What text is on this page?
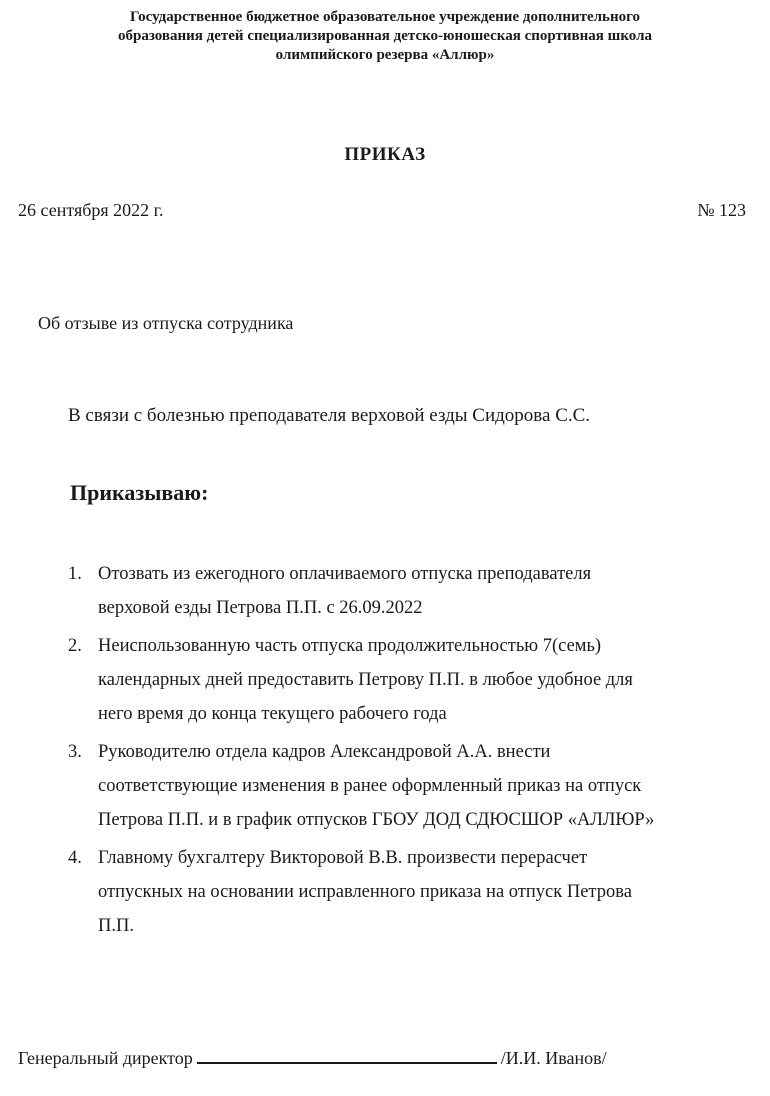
Государственное бюджетное образовательное учреждение дополнительного
образования детей специализированная детско-юношеская спортивная школа
олимпийского резерва «Аллюр»
ПРИКАЗ
26 сентября 2022 г.	№ 123
Об отзыве из отпуска сотрудника
В связи с болезнью преподавателя верховой езды Сидорова С.С.
Приказываю:
1. Отозвать из ежегодного оплачиваемого отпуска преподавателя
верховой езды Петрова П.П. с 26.09.2022
2. Неиспользованную часть отпуска продолжительностью 7(семь)
календарных дней предоставить Петрову П.П. в любое удобное для
него время до конца текущего рабочего года
3. Руководителю отдела кадров Александровой А.А. внести
соответствующие изменения в ранее оформленный приказ на отпуск
Петрова П.П. и в график отпусков ГБОУ ДОД СДЮСШОР «АЛЛЮР»
4. Главному бухгалтеру Викторовой В.В. произвести перерасчет
отпускных на основании исправленного приказа на отпуск Петрова
П.П.
Генеральный директор	/И.И. Иванов/
